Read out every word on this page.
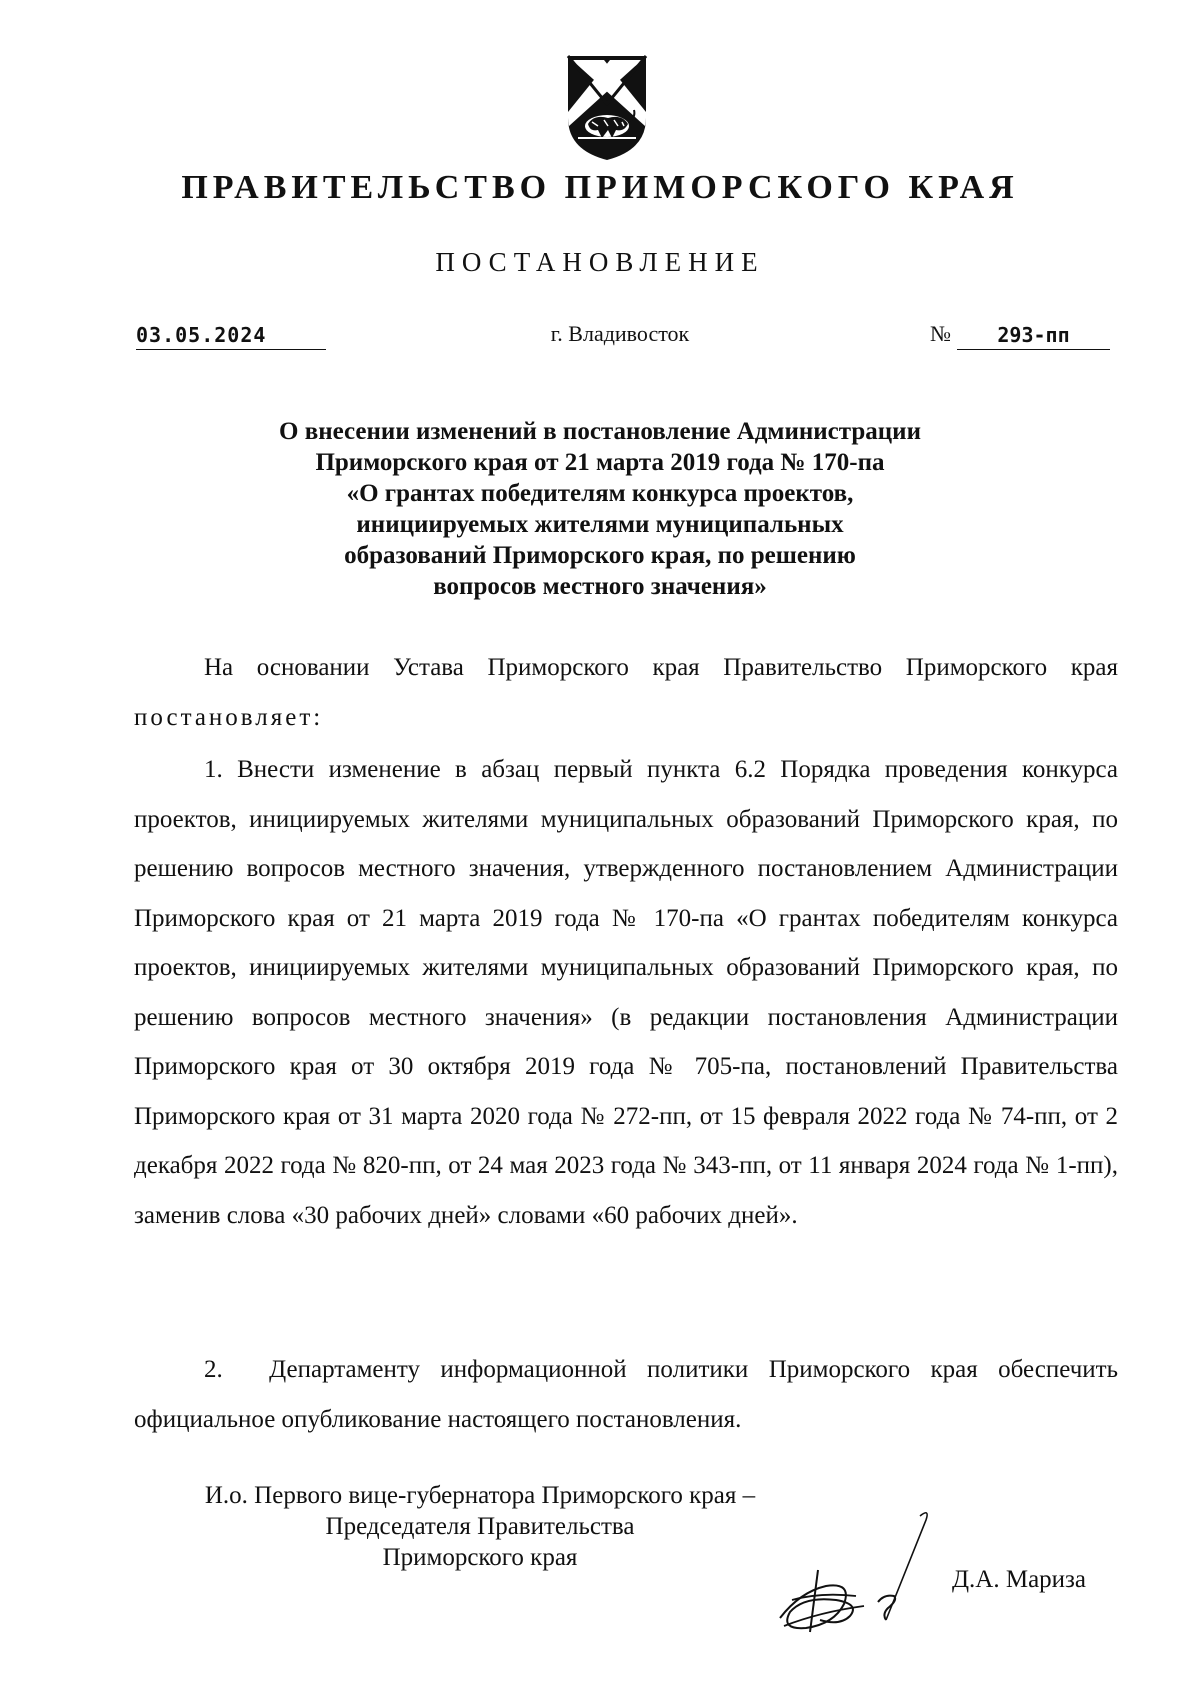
ПРАВИТЕЛЬСТВО ПРИМОРСКОГО КРАЯ
ПОСТАНОВЛЕНИЕ
03.05.2024	г. Владивосток	№	293-пп
О внесении изменений в постановление Администрации
Приморского края от 21 марта 2019 года № 170-па
«О грантах победителям конкурса проектов,
инициируемых жителями муниципальных
образований Приморского края, по решению
вопросов местного значения»
На основании Устава Приморского края Правительство Приморского края постановляет:
1. Внести изменение в абзац первый пункта 6.2 Порядка проведения конкурса проектов, инициируемых жителями муниципальных образований Приморского края, по решению вопросов местного значения, утвержденного постановлением Администрации Приморского края от 21 марта 2019 года № 170-па «О грантах победителям конкурса проектов, инициируемых жителями муниципальных образований Приморского края, по решению вопросов местного значения» (в редакции постановления Администрации Приморского края от 30 октября 2019 года № 705-па, постановлений Правительства Приморского края от 31 марта 2020 года № 272-пп, от 15 февраля 2022 года № 74-пп, от 2 декабря 2022 года № 820-пп, от 24 мая 2023 года № 343-пп, от 11 января 2024 года № 1-пп), заменив слова «30 рабочих дней» словами «60 рабочих дней».
2. Департаменту информационной политики Приморского края обеспечить официальное опубликование настоящего постановления.
И.о. Первого вице-губернатора Приморского края –
Председателя Правительства
Приморского края
Д.А. Мариза
